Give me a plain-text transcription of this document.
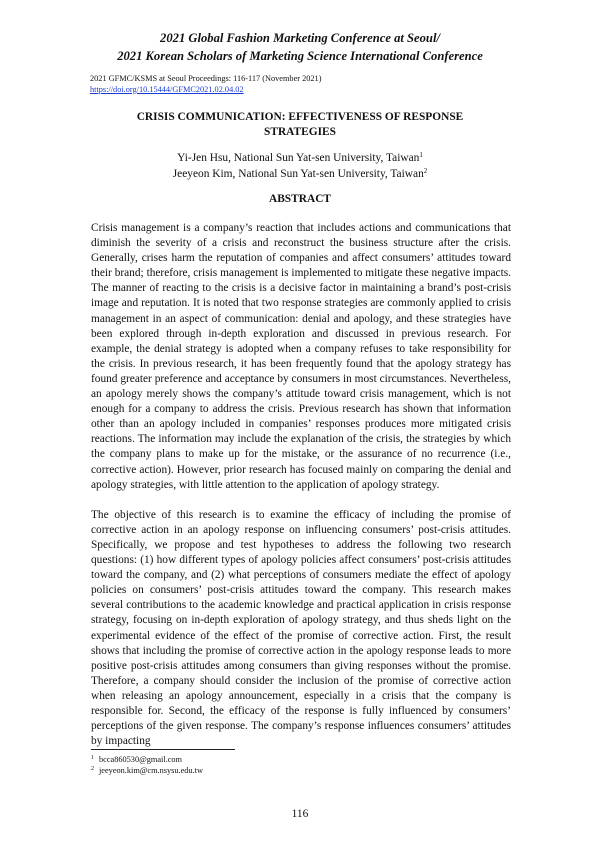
2021 Global Fashion Marketing Conference at Seoul/
2021 Korean Scholars of Marketing Science International Conference
2021 GFMC/KSMS at Seoul Proceedings: 116-117 (November 2021)
https://doi.org/10.15444/GFMC2021.02.04.02
CRISIS COMMUNICATION: EFFECTIVENESS OF RESPONSE
STRATEGIES
Yi-Jen Hsu, National Sun Yat-sen University, Taiwan$^1$
Jeeyeon Kim, National Sun Yat-sen University, Taiwan$^2$
ABSTRACT

Crisis management is a company’s reaction that includes actions and communications that diminish the severity of a crisis and reconstruct the business structure after the crisis. Generally, crises harm the reputation of companies and affect consumers’ attitudes toward their brand; therefore, crisis management is implemented to mitigate these negative impacts. The manner of reacting to the crisis is a decisive factor in maintaining a brand’s post-crisis image and reputation. It is noted that two response strategies are commonly applied to crisis management in an aspect of communication: denial and apology, and these strategies have been explored through in-depth exploration and discussed in previous research. For example, the denial strategy is adopted when a company refuses to take responsibility for the crisis. In previous research, it has been frequently found that the apology strategy has found greater preference and acceptance by consumers in most circumstances. Nevertheless, an apology merely shows the company’s attitude toward crisis management, which is not enough for a company to address the crisis. Previous research has shown that information other than an apology included in companies’ responses produces more mitigated crisis reactions. The information may include the explanation of the crisis, the strategies by which the company plans to make up for the mistake, or the assurance of no recurrence (i.e., corrective action). However, prior research has focused mainly on comparing the denial and apology strategies, with little attention to the application of apology strategy.

The objective of this research is to examine the efficacy of including the promise of corrective action in an apology response on influencing consumers’ post-crisis attitudes. Specifically, we propose and test hypotheses to address the following two research questions: (1) how different types of apology policies affect consumers’ post-crisis attitudes toward the company, and (2) what perceptions of consumers mediate the effect of apology policies on consumers’ post-crisis attitudes toward the company. This research makes several contributions to the academic knowledge and practical application in crisis response strategy, focusing on in-depth exploration of apology strategy, and thus sheds light on the experimental evidence of the effect of the promise of corrective action. First, the result shows that including the promise of corrective action in the apology response leads to more positive post-crisis attitudes among consumers than giving responses without the promise. Therefore, a company should consider the inclusion of the promise of corrective action when releasing an apology announcement, especially in a crisis that the company is responsible for. Second, the efficacy of the response is fully influenced by consumers’ perceptions of the given response. The company’s response influences consumers’ attitudes by impacting

$^1$ bcca860530@gmail.com
$^2$ jeeyeon.kim@cm.nsysu.edu.tw
116
